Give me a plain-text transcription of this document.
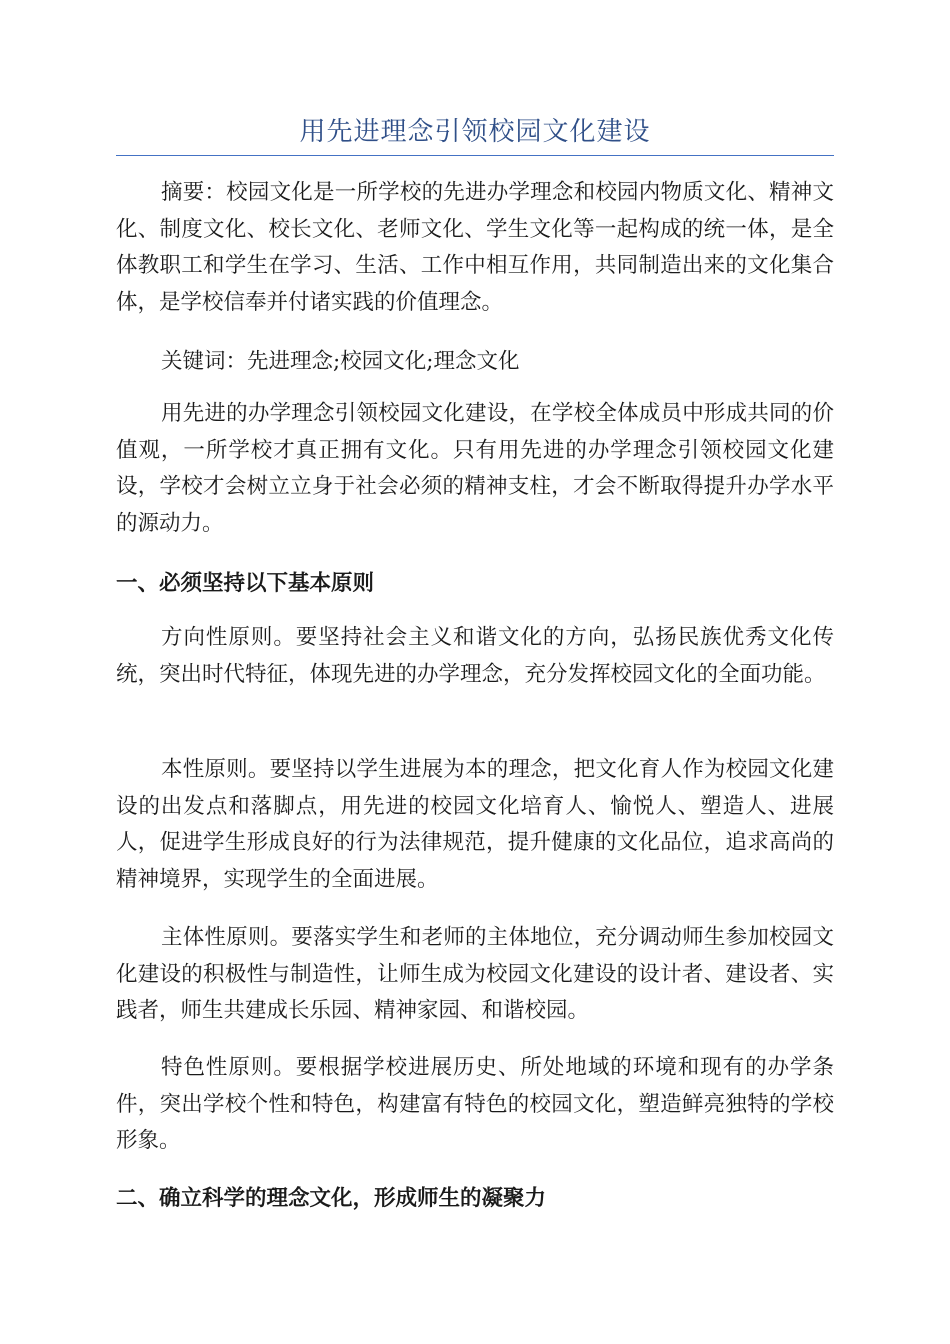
用先进理念引领校园文化建设

摘要：校园文化是一所学校的先进办学理念和校园内物质文化、精神文化、制度文化、校长文化、老师文化、学生文化等一起构成的统一体，是全体教职工和学生在学习、生活、工作中相互作用，共同制造出来的文化集合体，是学校信奉并付诸实践的价值理念。

关键词：先进理念;校园文化;理念文化

用先进的办学理念引领校园文化建设，在学校全体成员中形成共同的价值观，一所学校才真正拥有文化。只有用先进的办学理念引领校园文化建设，学校才会树立立身于社会必须的精神支柱，才会不断取得提升办学水平的源动力。

一、必须坚持以下基本原则

方向性原则。要坚持社会主义和谐文化的方向，弘扬民族优秀文化传统，突出时代特征，体现先进的办学理念，充分发挥校园文化的全面功能。

本性原则。要坚持以学生进展为本的理念，把文化育人作为校园文化建设的出发点和落脚点，用先进的校园文化培育人、愉悦人、塑造人、进展人，促进学生形成良好的行为法律规范，提升健康的文化品位，追求高尚的精神境界，实现学生的全面进展。

主体性原则。要落实学生和老师的主体地位，充分调动师生参加校园文化建设的积极性与制造性，让师生成为校园文化建设的设计者、建设者、实践者，师生共建成长乐园、精神家园、和谐校园。

特色性原则。要根据学校进展历史、所处地域的环境和现有的办学条件，突出学校个性和特色，构建富有特色的校园文化，塑造鲜亮独特的学校形象。

二、确立科学的理念文化，形成师生的凝聚力
